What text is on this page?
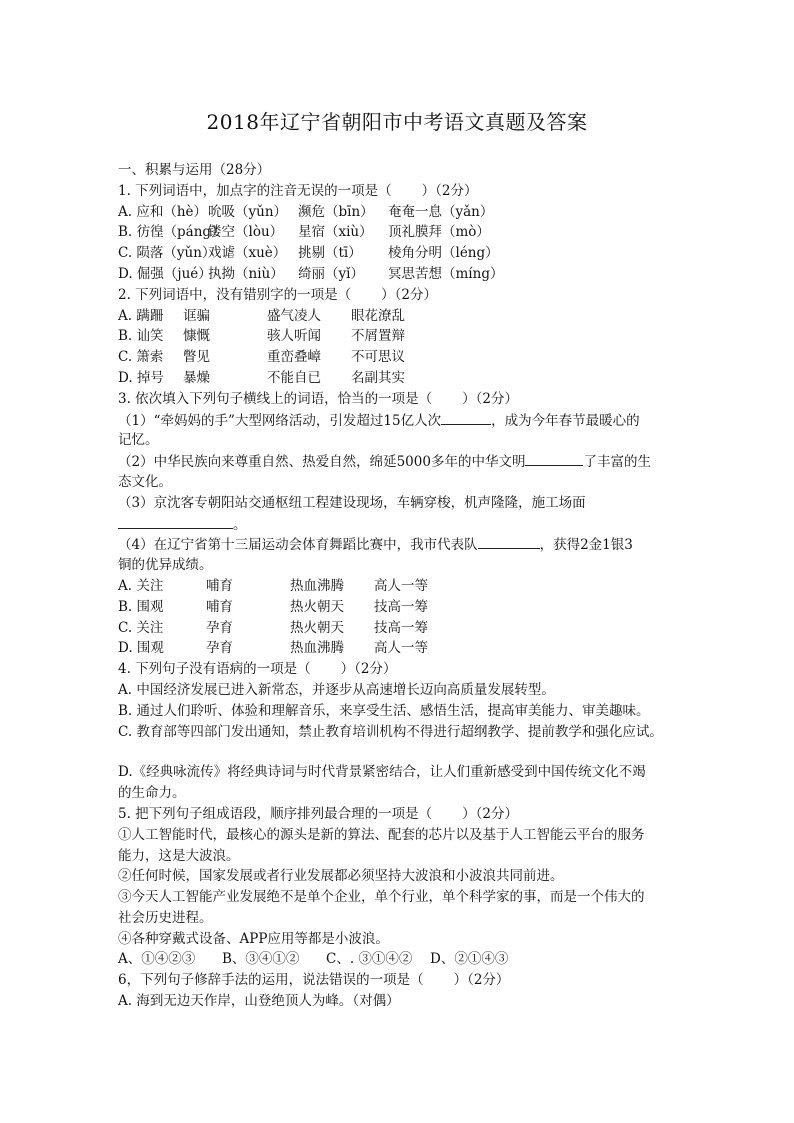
2018年辽宁省朝阳市中考语文真题及答案
一、积累与运用（28分）
1. 下列词语中，加点字的注音无误的一项是（ ）（2分）
A. 应和（hè）吮吸（yǔn） 濒危（bīn） 奄奄一息（yǎn）
B. 彷徨（páng）镂空（lòu） 星宿（xiù） 顶礼膜拜（mò）
C. 陨落（yǔn）戏谑（xuè） 挑剔（tī） 棱角分明（léng）
D. 倔强（jué）执拗（niù） 绮丽（yǐ） 冥思苦想（míng）
2. 下列词语中，没有错别字的一项是（ ）（2分）
A. 蹒跚 诓骗	盛气凌人 眼花潦乱
B. 讪笑 慷慨	骇人听闻 不屑置辩
C. 箫索 瞥见	重峦叠嶂 不可思议
D. 掉号 暴燥	不能自已 名副其实
3. 依次填入下列句子横线上的词语，恰当的一项是（ ）（2分）
（1）“牵妈妈的手”大型网络活动，引发超过15亿人次	，成为今年春节最暖心的
记忆。
（2）中华民族向来尊重自然、热爱自然，绵延5000多年的中华文明	了丰富的生
态文化。
（3）京沈客专朝阳站交通枢纽工程建设现场，车辆穿梭，机声隆隆，施工场面
。
（4）在辽宁省第十三届运动会体育舞蹈比赛中，我市代表队	，获得2金1银3
铜的优异成绩。
A. 关注	哺育	热血沸腾 高人一等
B. 围观	哺育	热火朝天 技高一筹
C. 关注	孕育	热火朝天 技高一筹
D. 围观	孕育	热血沸腾 高人一等
4. 下列句子没有语病的一项是（ ）（2分）
A. 中国经济发展已进入新常态，并逐步从高速增长迈向高质量发展转型。
B. 通过人们聆听、体验和理解音乐，来享受生活、感悟生活，提高审美能力、审美趣味。
C. 教育部等四部门发出通知，禁止教育培训机构不得进行超纲教学、提前教学和强化应试。
D.《经典咏流传》将经典诗词与时代背景紧密结合，让人们重新感受到中国传统文化不竭
的生命力。
5. 把下列句子组成语段，顺序排列最合理的一项是（ ）（2分）
①人工智能时代，最核心的源头是新的算法、配套的芯片以及基于人工智能云平台的服务
能力，这是大波浪。
②任何时候，国家发展或者行业发展都必须坚持大波浪和小波浪共同前进。
③今天人工智能产业发展绝不是单个企业，单个行业，单个科学家的事，而是一个伟大的
社会历史进程。
④各种穿戴式设备、APP应用等都是小波浪。
A、①④②③ B、③④①② C、. ③①④② D、②①④③
6，下列句子修辞手法的运用，说法错误的一项是（ ）（2分）
A. 海到无边天作岸，山登绝顶人为峰。（对偶）
